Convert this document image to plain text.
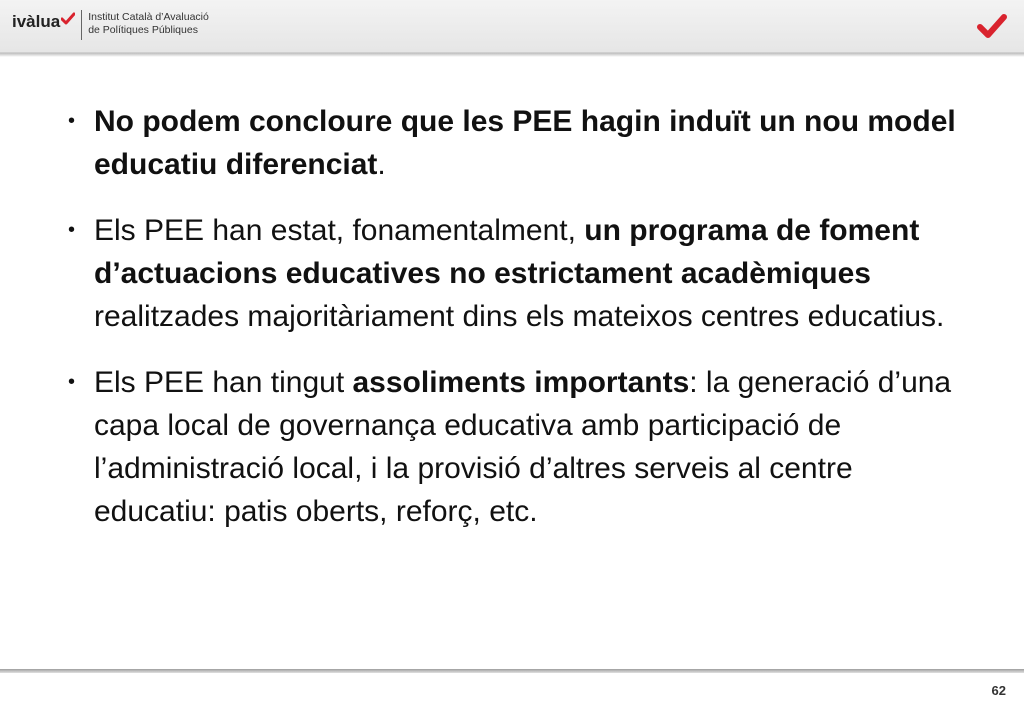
ivàlua	Institut Català d’Avaluació
de Polítiques Públiques
• No podem concloure que les PEE hagin induït un nou model educatiu diferenciat.
• Els PEE han estat, fonamentalment, un programa de foment d’actuacions educatives no estrictament acadèmiques realitzades majoritàriament dins els mateixos centres educatius.
• Els PEE han tingut assoliments importants: la generació d’una capa local de governança educativa amb participació de l’administració local, i la provisió d’altres serveis al centre educatiu: patis oberts, reforç, etc.
62
